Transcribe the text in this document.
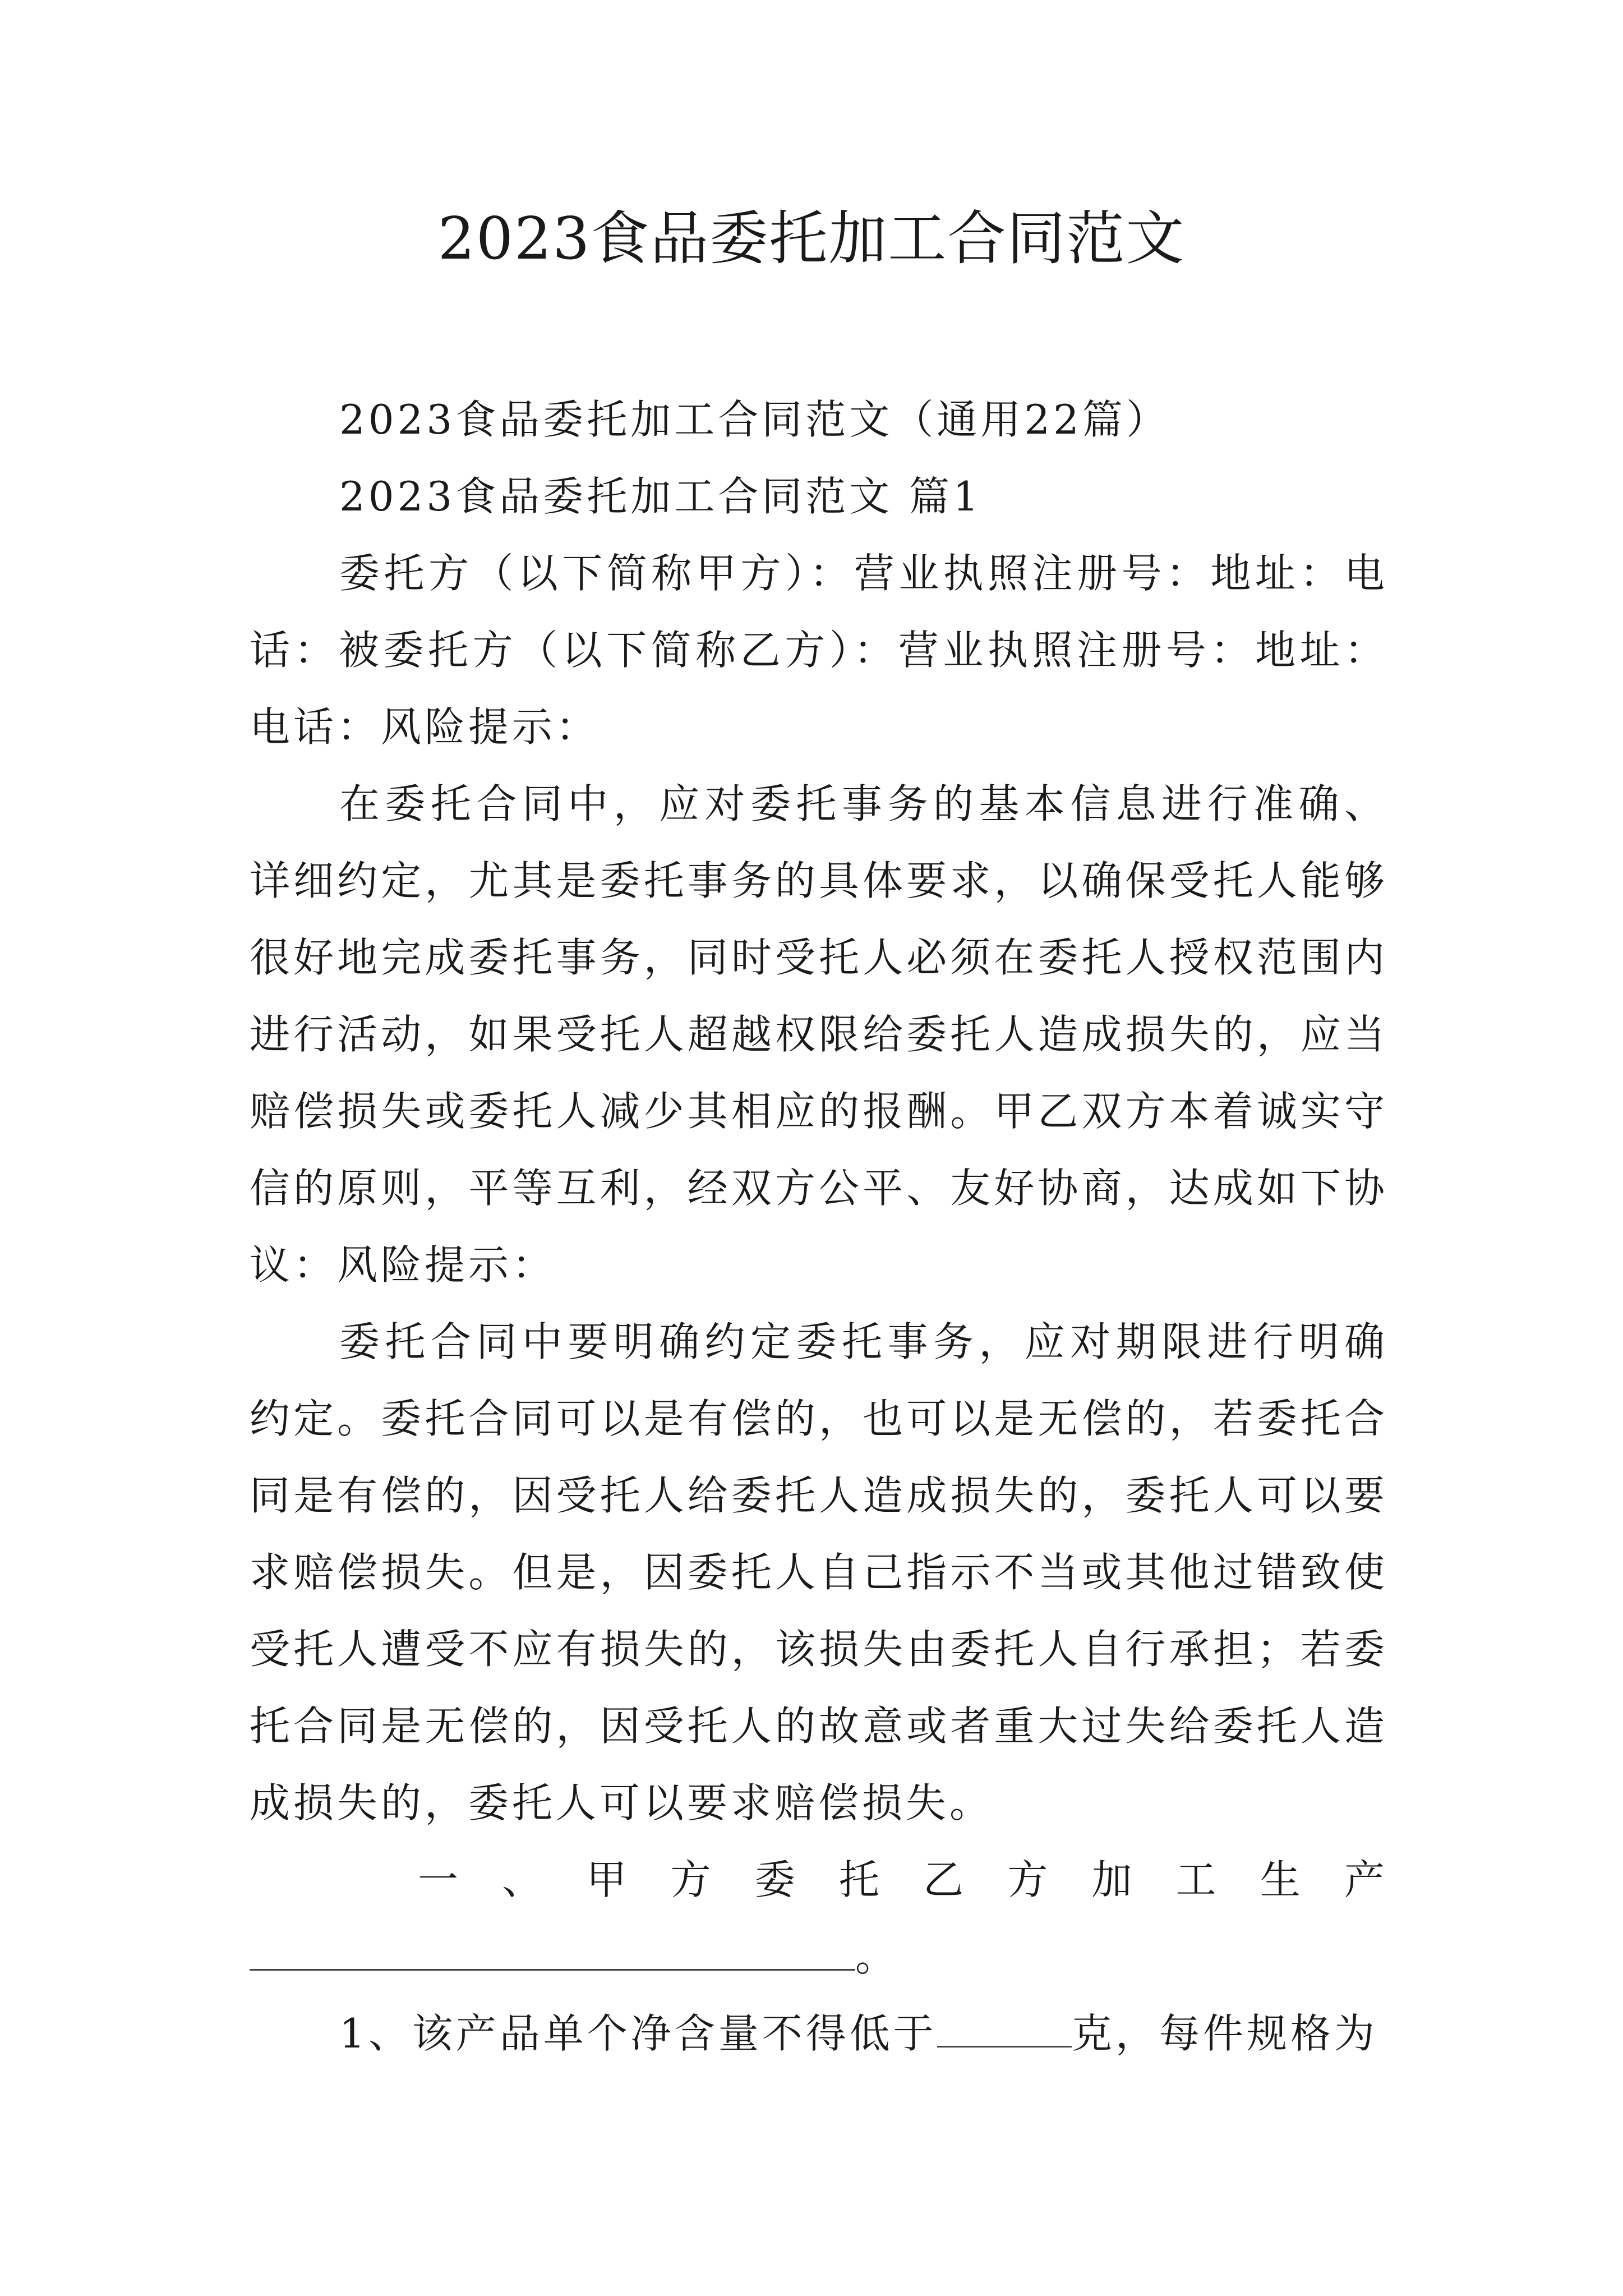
2023食品委托加工合同范文

2023食品委托加工合同范文（通用22篇）

2023食品委托加工合同范文 篇1

委托方（以下简称甲方）：营业执照注册号：地址：电话：被委托方（以下简称乙方）：营业执照注册号：地址：电话：风险提示：

在委托合同中，应对委托事务的基本信息进行准确、详细约定，尤其是委托事务的具体要求，以确保受托人能够很好地完成委托事务，同时受托人必须在委托人授权范围内进行活动，如果受托人超越权限给委托人造成损失的，应当赔偿损失或委托人减少其相应的报酬。甲乙双方本着诚实守信的原则，平等互利，经双方公平、友好协商，达成如下协议：风险提示：

委托合同中要明确约定委托事务，应对期限进行明确约定。委托合同可以是有偿的，也可以是无偿的，若委托合同是有偿的，因受托人给委托人造成损失的，委托人可以要求赔偿损失。但是，因委托人自己指示不当或其他过错致使受托人遭受不应有损失的，该损失由委托人自行承担；若委托合同是无偿的，因受托人的故意或者重大过失给委托人造成损失的，委托人可以要求赔偿损失。

一、甲方委托乙方加工生产

。

1、该产品单个净含量不得低于	克，每件规格为
